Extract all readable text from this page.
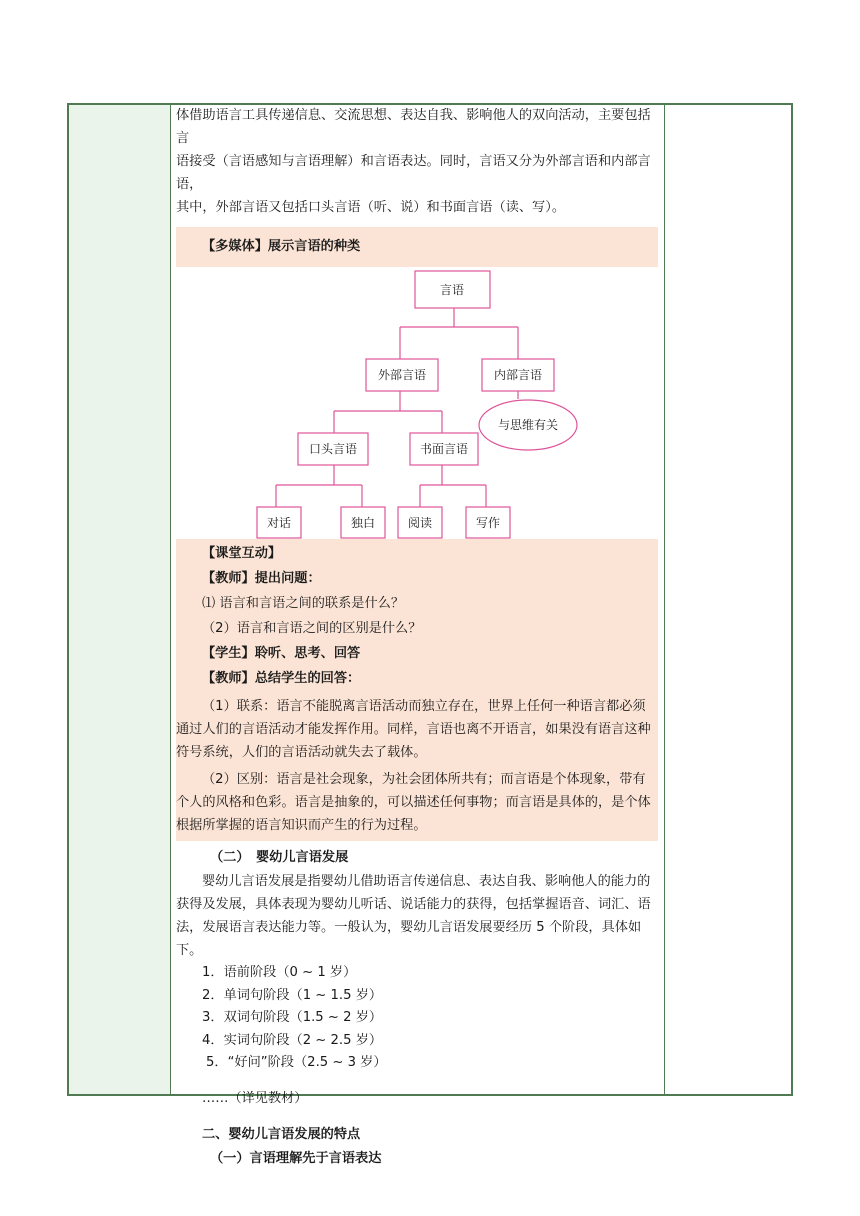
体借助语言工具传递信息、交流思想、表达自我、影响他人的双向活动，主要包括言

语接受（言语感知与言语理解）和言语表达。同时，言语又分为外部言语和内部言语，

其中，外部言语又包括口头言语（听、说）和书面言语（读、写）。

【多媒体】展示言语的种类
言语
外部言语	内部言语
与思维有关
口头言语	书面言语
对话	独白	阅读	写作
【课堂互动】
【教师】提出问题：
⑴ 语言和言语之间的联系是什么？
（2）语言和言语之间的区别是什么？
【学生】聆听、思考、回答
【教师】总结学生的回答：

（1）联系：语言不能脱离言语活动而独立存在，世界上任何一种语言都必须通过人们的言语活动才能发挥作用。同样，言语也离不开语言，如果没有语言这种符号系统，人们的言语活动就失去了载体。

（2）区别：语言是社会现象，为社会团体所共有；而言语是个体现象，带有个人的风格和色彩。语言是抽象的，可以描述任何事物；而言语是具体的，是个体根据所掌握的语言知识而产生的行为过程。

（二） 婴幼儿言语发展

婴幼儿言语发展是指婴幼儿借助语言传递信息、表达自我、影响他人的能力的获得及发展，具体表现为婴幼儿听话、说话能力的获得，包括掌握语音、词汇、语法，发展语言表达能力等。一般认为，婴幼儿言语发展要经历 5 个阶段，具体如下。

1．语前阶段（0 ~ 1 岁）
2．单词句阶段（1 ~ 1.5 岁）
3．双词句阶段（1.5 ~ 2 岁）
4．实词句阶段（2 ~ 2.5 岁）
5．“好问”阶段（2.5 ~ 3 岁）
……（详见教材）
二、婴幼儿言语发展的特点
（一）言语理解先于言语表达
